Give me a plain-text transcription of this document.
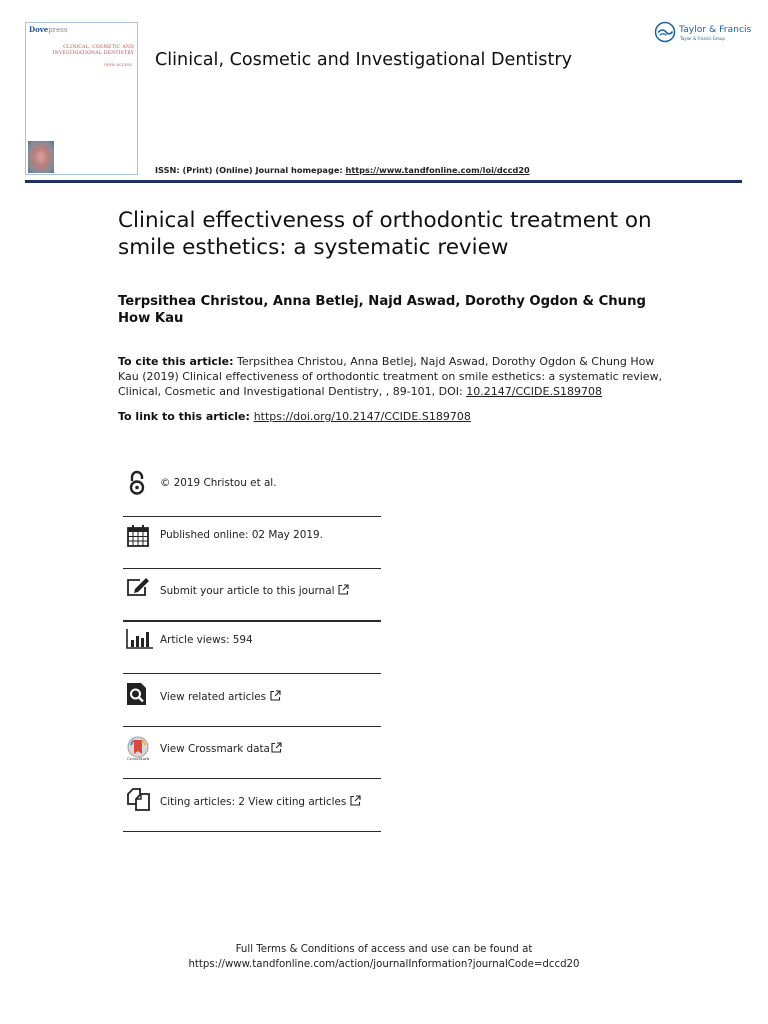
Dovepress
CLINICAL, COSMETIC AND
INVESTIGATIONAL DENTISTRY
OPEN ACCESS Clinical, Cosmetic and Investigational Dentistry
ISSN: (Print) (Online) Journal homepage: https://www.tandfonline.com/loi/dccd20
Taylor & Francis
Taylor & Francis Group
Clinical effectiveness of orthodontic treatment on smile esthetics: a systematic review
Terpsithea Christou, Anna Betlej, Najd Aswad, Dorothy Ogdon & Chung How Kau
To cite this article: Terpsithea Christou, Anna Betlej, Najd Aswad, Dorothy Ogdon & Chung How Kau (2019) Clinical effectiveness of orthodontic treatment on smile esthetics: a systematic review, Clinical, Cosmetic and Investigational Dentistry, , 89-101, DOI: 10.2147/CCIDE.S189708
To link to this article: https://doi.org/10.2147/CCIDE.S189708
© 2019 Christou et al.
Published online: 02 May 2019.
Submit your article to this journal
Article views: 594
View related articles
CrossMark
View Crossmark data
Citing articles: 2 View citing articles
Full Terms & Conditions of access and use can be found at
https://www.tandfonline.com/action/journalInformation?journalCode=dccd20
